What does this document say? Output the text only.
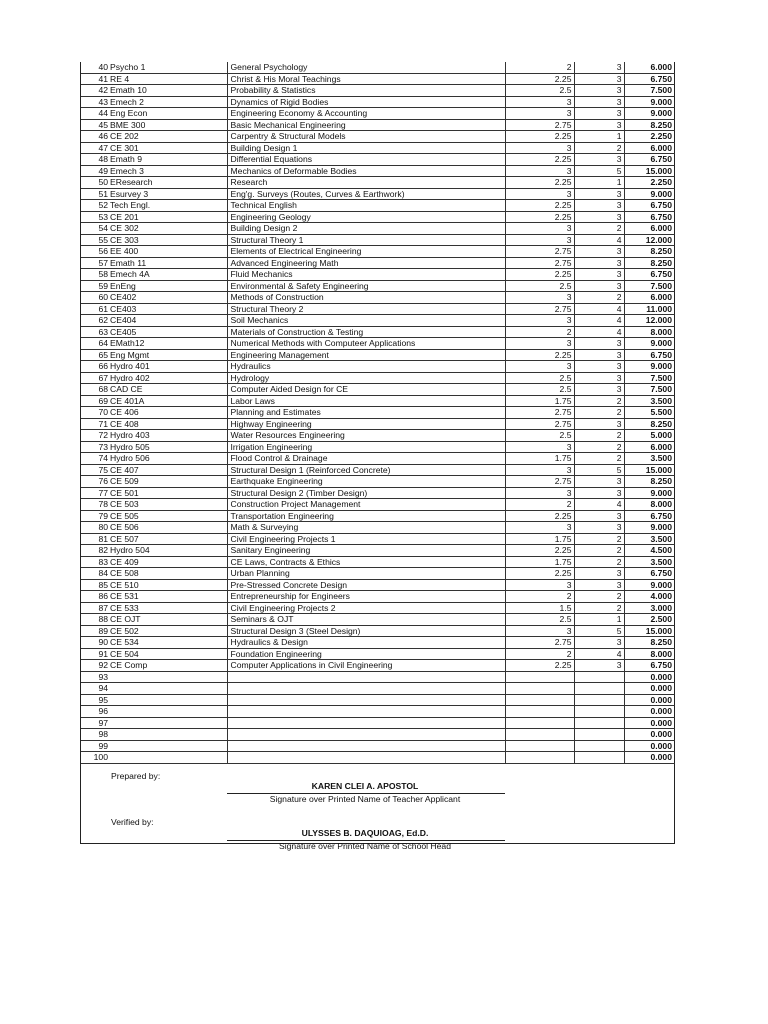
40	Psycho 1	General Psychology	2	3	6.000
41	RE 4	Christ & His Moral Teachings	2.25	3	6.750
42	Emath 10	Probability & Statistics	2.5	3	7.500
43	Emech 2	Dynamics of Rigid Bodies	3	3	9.000
44	Eng Econ	Engineering Economy & Accounting	3	3	9.000
45	BME 300	Basic Mechanical Engineering	2.75	3	8.250
46	CE 202	Carpentry & Structural Models	2.25	1	2.250
47	CE 301	Building Design 1	3	2	6.000
48	Emath 9	Differential Equations	2.25	3	6.750
49	Emech 3	Mechanics of Deformable Bodies	3	5	15.000
50	EResearch	Research	2.25	1	2.250
51	Esurvey 3	Eng'g. Surveys (Routes, Curves & Earthwork)	3	3	9.000
52	Tech Engl.	Technical English	2.25	3	6.750
53	CE 201	Engineering Geology	2.25	3	6.750
54	CE 302	Building Design 2	3	2	6.000
55	CE 303	Structural Theory 1	3	4	12.000
56	EE 400	Elements of Electrical Engineering	2.75	3	8.250
57	Emath 11	Advanced Engineering Math	2.75	3	8.250
58	Emech 4A	Fluid Mechanics	2.25	3	6.750
59	EnEng	Environmental & Safety Engineering	2.5	3	7.500
60	CE402	Methods of Construction	3	2	6.000
61	CE403	Structural Theory 2	2.75	4	11.000
62	CE404	Soil Mechanics	3	4	12.000
63	CE405	Materials of Construction & Testing	2	4	8.000
64	EMath12	Numerical Methods with Computeer Applications	3	3	9.000
65	Eng Mgmt	Engineering Management	2.25	3	6.750
66	Hydro 401	Hydraulics	3	3	9.000
67	Hydro 402	Hydrology	2.5	3	7.500
68	CAD CE	Computer Aided Design for CE	2.5	3	7.500
69	CE 401A	Labor Laws	1.75	2	3.500
70	CE 406	Planning and Estimates	2.75	2	5.500
71	CE 408	Highway Engineering	2.75	3	8.250
72	Hydro 403	Water Resources Engineering	2.5	2	5.000
73	Hydro 505	Irrigation Engineering	3	2	6.000
74	Hydro 506	Flood Control & Drainage	1.75	2	3.500
75	CE 407	Structural Design 1 (Reinforced Concrete)	3	5	15.000
76	CE 509	Earthquake Engineering	2.75	3	8.250
77	CE 501	Structural Design 2 (Timber Design)	3	3	9.000
78	CE 503	Construction Project Management	2	4	8.000
79	CE 505	Transportation Engineering	2.25	3	6.750
80	CE 506	Math & Surveying	3	3	9.000
81	CE 507	Civil Engineering Projects 1	1.75	2	3.500
82	Hydro 504	Sanitary Engineering	2.25	2	4.500
83	CE 409	CE Laws, Contracts & Ethics	1.75	2	3.500
84	CE 508	Urban Planning	2.25	3	6.750
85	CE 510	Pre-Stressed Concrete Design	3	3	9.000
86	CE 531	Entrepreneurship for Engineers	2	2	4.000
87	CE 533	Civil Engineering Projects 2	1.5	2	3.000
88	CE OJT	Seminars & OJT	2.5	1	2.500
89	CE 502	Structural Design 3 (Steel Design)	3	5	15.000
90	CE 534	Hydraulics & Design	2.75	3	8.250
91	CE 504	Foundation Engineering	2	4	8.000
92	CE Comp	Computer Applications in Civil Engineering	2.25	3	6.750
93					0.000
94					0.000
95					0.000
96					0.000
97					0.000
98					0.000
99					0.000
100					0.000
Prepared by:
KAREN CLEI A. APOSTOL
Signature over Printed Name of Teacher Applicant
Verified by:
ULYSSES B. DAQUIOAG, Ed.D.
Signature over Printed Name of School Head
